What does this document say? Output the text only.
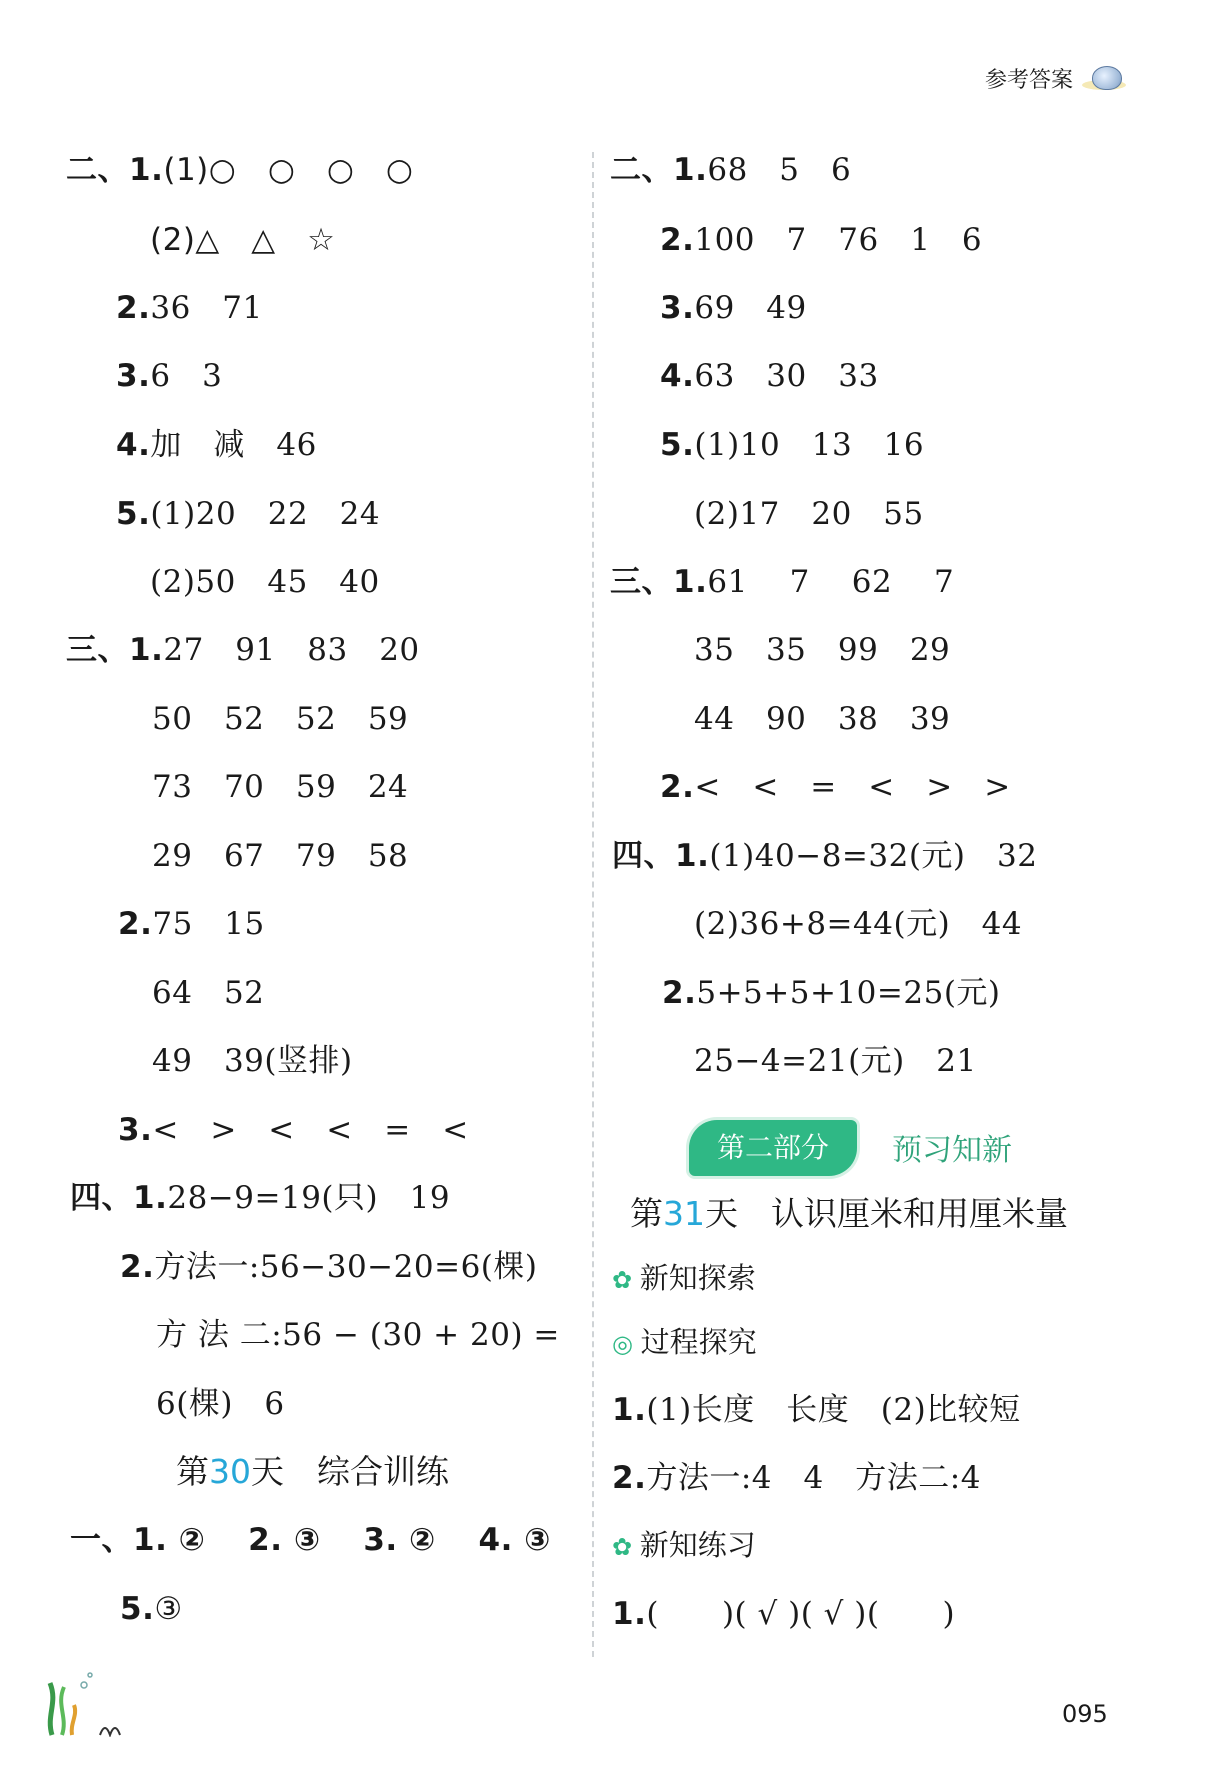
参考答案
二、1.(1)○　○　○　○
(2)△　△　☆
2.36　71
3.6　3
4.加　减　46
5.(1)20　22　24
(2)50　45　40
三、1.27　91　83　20
50　52　52　59
73　70　59　24
29　67　79　58
2.75　15
64　52
49　39(竖排)
3.<　>　<　<　=　<
四、1.28−9=19(只)　19
2.方法一:56−30−20=6(棵)
方 法 二:56 − (30 + 20) =
6(棵)　6
第30天　综合训练
一、1. ②　 2. ③　 3. ②　 4. ③
5.③
二、1.68　5　6
2.100　7　76　1　6
3.69　49
4.63　30　33
5.(1)10　13　16
(2)17　20　55
三、1.61　 7　 62　 7
35　35　99　29
44　90　38　39
2.<　<　=　<　>　>
四、1.(1)40−8=32(元)　32
(2)36+8=44(元)　44
2.5+5+5+10=25(元)
25−4=21(元)　21
第二部分	预习知新
第31天　认识厘米和用厘米量
✿ 新知探索
◎ 过程探究
1.(1)长度　长度　(2)比较短
2.方法一:4　4　方法二:4
✿ 新知练习
1.(　　)( √ )( √ )(　　)
095
